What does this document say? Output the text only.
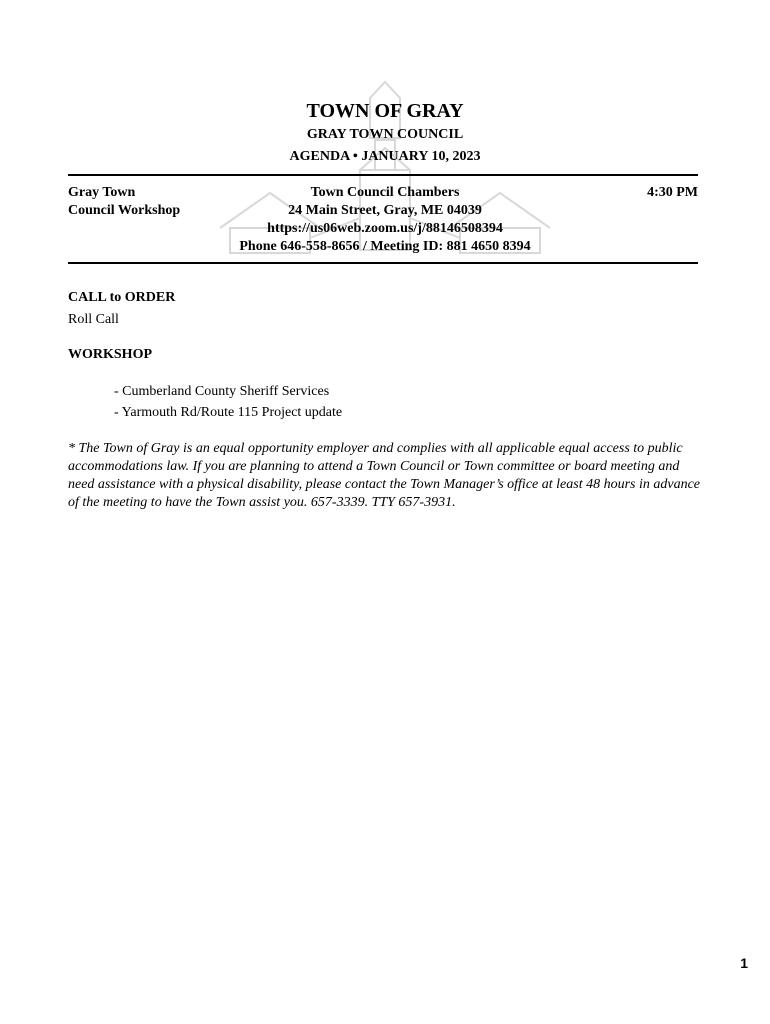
TOWN OF GRAY
GRAY TOWN COUNCIL
AGENDA • JANUARY 10, 2023
Gray Town
Council Workshop
Town Council Chambers
24 Main Street, Gray, ME 04039
https://us06web.zoom.us/j/88146508394
Phone 646-558-8656 / Meeting ID: 881 4650 8394
4:30 PM
CALL to ORDER
Roll Call
WORKSHOP
- Cumberland County Sheriff Services
- Yarmouth Rd/Route 115 Project update
* The Town of Gray is an equal opportunity employer and complies with all applicable equal access to public accommodations law. If you are planning to attend a Town Council or Town committee or board meeting and need assistance with a physical disability, please contact the Town Manager’s office at least 48 hours in advance of the meeting to have the Town assist you. 657-3339. TTY 657-3931.
1
